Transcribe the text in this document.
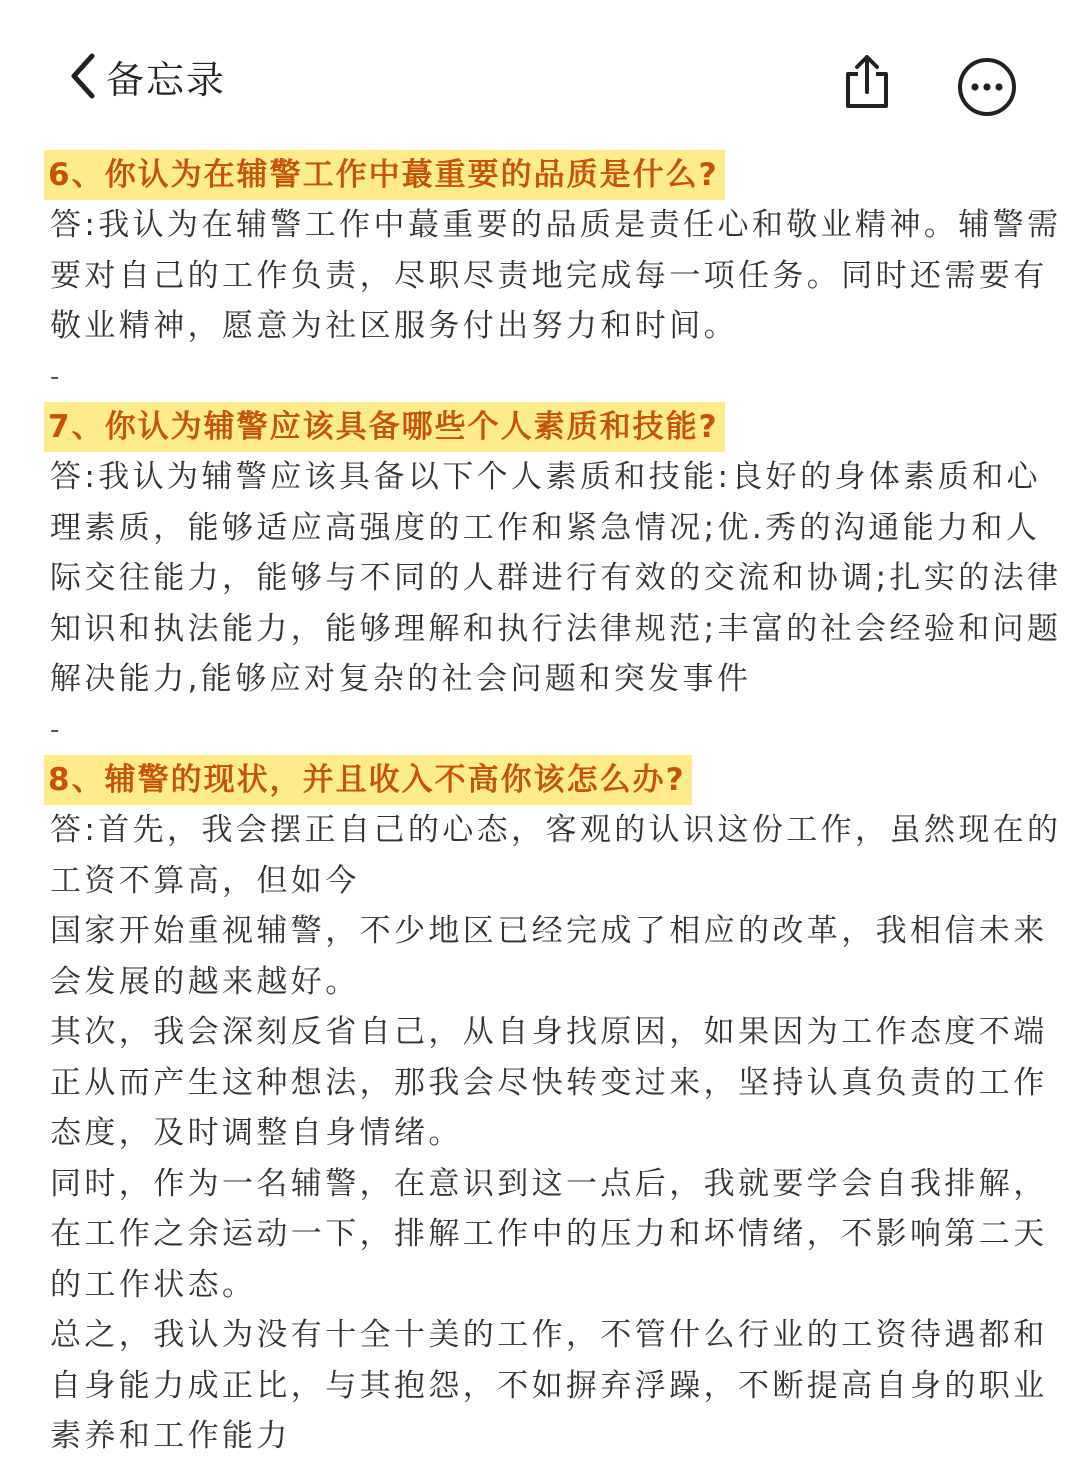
备忘录
6、你认为在辅警工作中蕞重要的品质是什么?
答:我认为在辅警工作中蕞重要的品质是责任心和敬业精神。辅警需
要对自己的工作负责，尽职尽责地完成每一项任务。同时还需要有
敬业精神，愿意为社区服务付出努力和时间。
-
7、你认为辅警应该具备哪些个人素质和技能?
答:我认为辅警应该具备以下个人素质和技能:良好的身体素质和心
理素质，能够适应高强度的工作和紧急情况;优.秀的沟通能力和人
际交往能力，能够与不同的人群进行有效的交流和协调;扎实的法律
知识和执法能力，能够理解和执行法律规范;丰富的社会经验和问题
解决能力,能够应对复杂的社会问题和突发事件
-
8、辅警的现状，并且收入不高你该怎么办?
答:首先，我会摆正自己的心态，客观的认识这份工作，虽然现在的
工资不算高，但如今
国家开始重视辅警，不少地区已经完成了相应的改革，我相信未来
会发展的越来越好。
其次，我会深刻反省自己，从自身找原因，如果因为工作态度不端
正从而产生这种想法，那我会尽快转变过来，坚持认真负责的工作
态度，及时调整自身情绪。
同时，作为一名辅警，在意识到这一点后，我就要学会自我排解，
在工作之余运动一下，排解工作中的压力和坏情绪，不影响第二天
的工作状态。
总之，我认为没有十全十美的工作，不管什么行业的工资待遇都和
自身能力成正比，与其抱怨，不如摒弃浮躁，不断提高自身的职业
素养和工作能力
